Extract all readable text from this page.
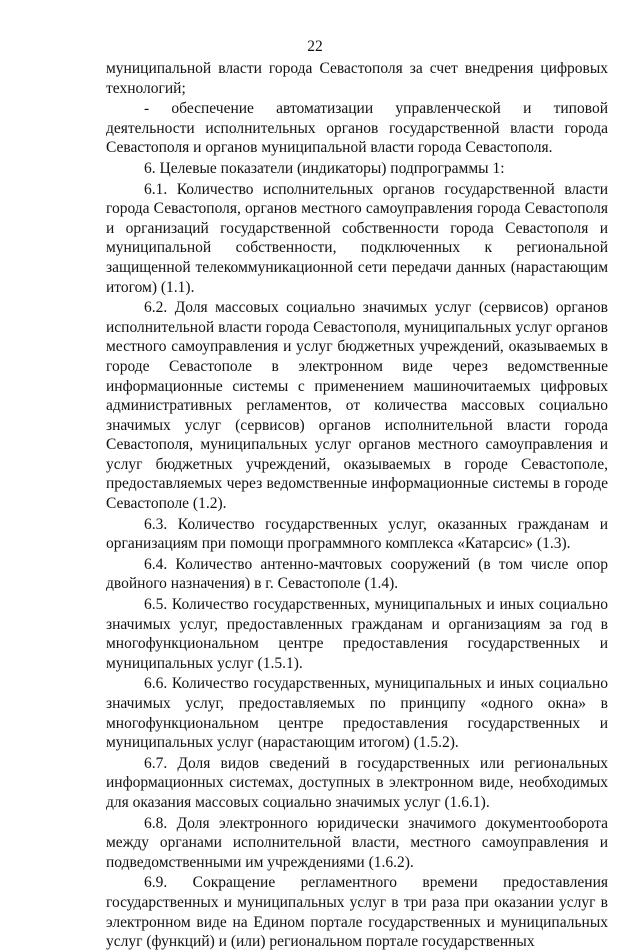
22

муниципальной власти города Севастополя за счет внедрения цифровых технологий;

- обеспечение автоматизации управленческой и типовой деятельности исполнительных органов государственной власти города Севастополя и органов муниципальной власти города Севастополя.

6. Целевые показатели (индикаторы) подпрограммы 1:

6.1. Количество исполнительных органов государственной власти города Севастополя, органов местного самоуправления города Севастополя и организаций государственной собственности города Севастополя и муниципальной собственности, подключенных к региональной защищенной телекоммуникационной сети передачи данных (нарастающим итогом) (1.1).

6.2. Доля массовых социально значимых услуг (сервисов) органов исполнительной власти города Севастополя, муниципальных услуг органов местного самоуправления и услуг бюджетных учреждений, оказываемых в городе Севастополе в электронном виде через ведомственные информационные системы с применением машиночитаемых цифровых административных регламентов, от количества массовых социально значимых услуг (сервисов) органов исполнительной власти города Севастополя, муниципальных услуг органов местного самоуправления и услуг бюджетных учреждений, оказываемых в городе Севастополе, предоставляемых через ведомственные информационные системы в городе Севастополе (1.2).

6.3. Количество государственных услуг, оказанных гражданам и организациям при помощи программного комплекса «Катарсис» (1.3).

6.4. Количество антенно-мачтовых сооружений (в том числе опор двойного назначения) в г. Севастополе (1.4).

6.5. Количество государственных, муниципальных и иных социально значимых услуг, предоставленных гражданам и организациям за год в многофункциональном центре предоставления государственных и муниципальных услуг (1.5.1).

6.6. Количество государственных, муниципальных и иных социально значимых услуг, предоставляемых по принципу «одного окна» в многофункциональном центре предоставления государственных и муниципальных услуг (нарастающим итогом) (1.5.2).

6.7. Доля видов сведений в государственных или региональных информационных системах, доступных в электронном виде, необходимых для оказания массовых социально значимых услуг (1.6.1).

6.8. Доля электронного юридически значимого документооборота между органами исполнительной власти, местного самоуправления и подведомственными им учреждениями (1.6.2).

6.9. Сокращение регламентного времени предоставления государственных и муниципальных услуг в три раза при оказании услуг в электронном виде на Едином портале государственных и муниципальных услуг (функций) и (или) региональном портале государственных
